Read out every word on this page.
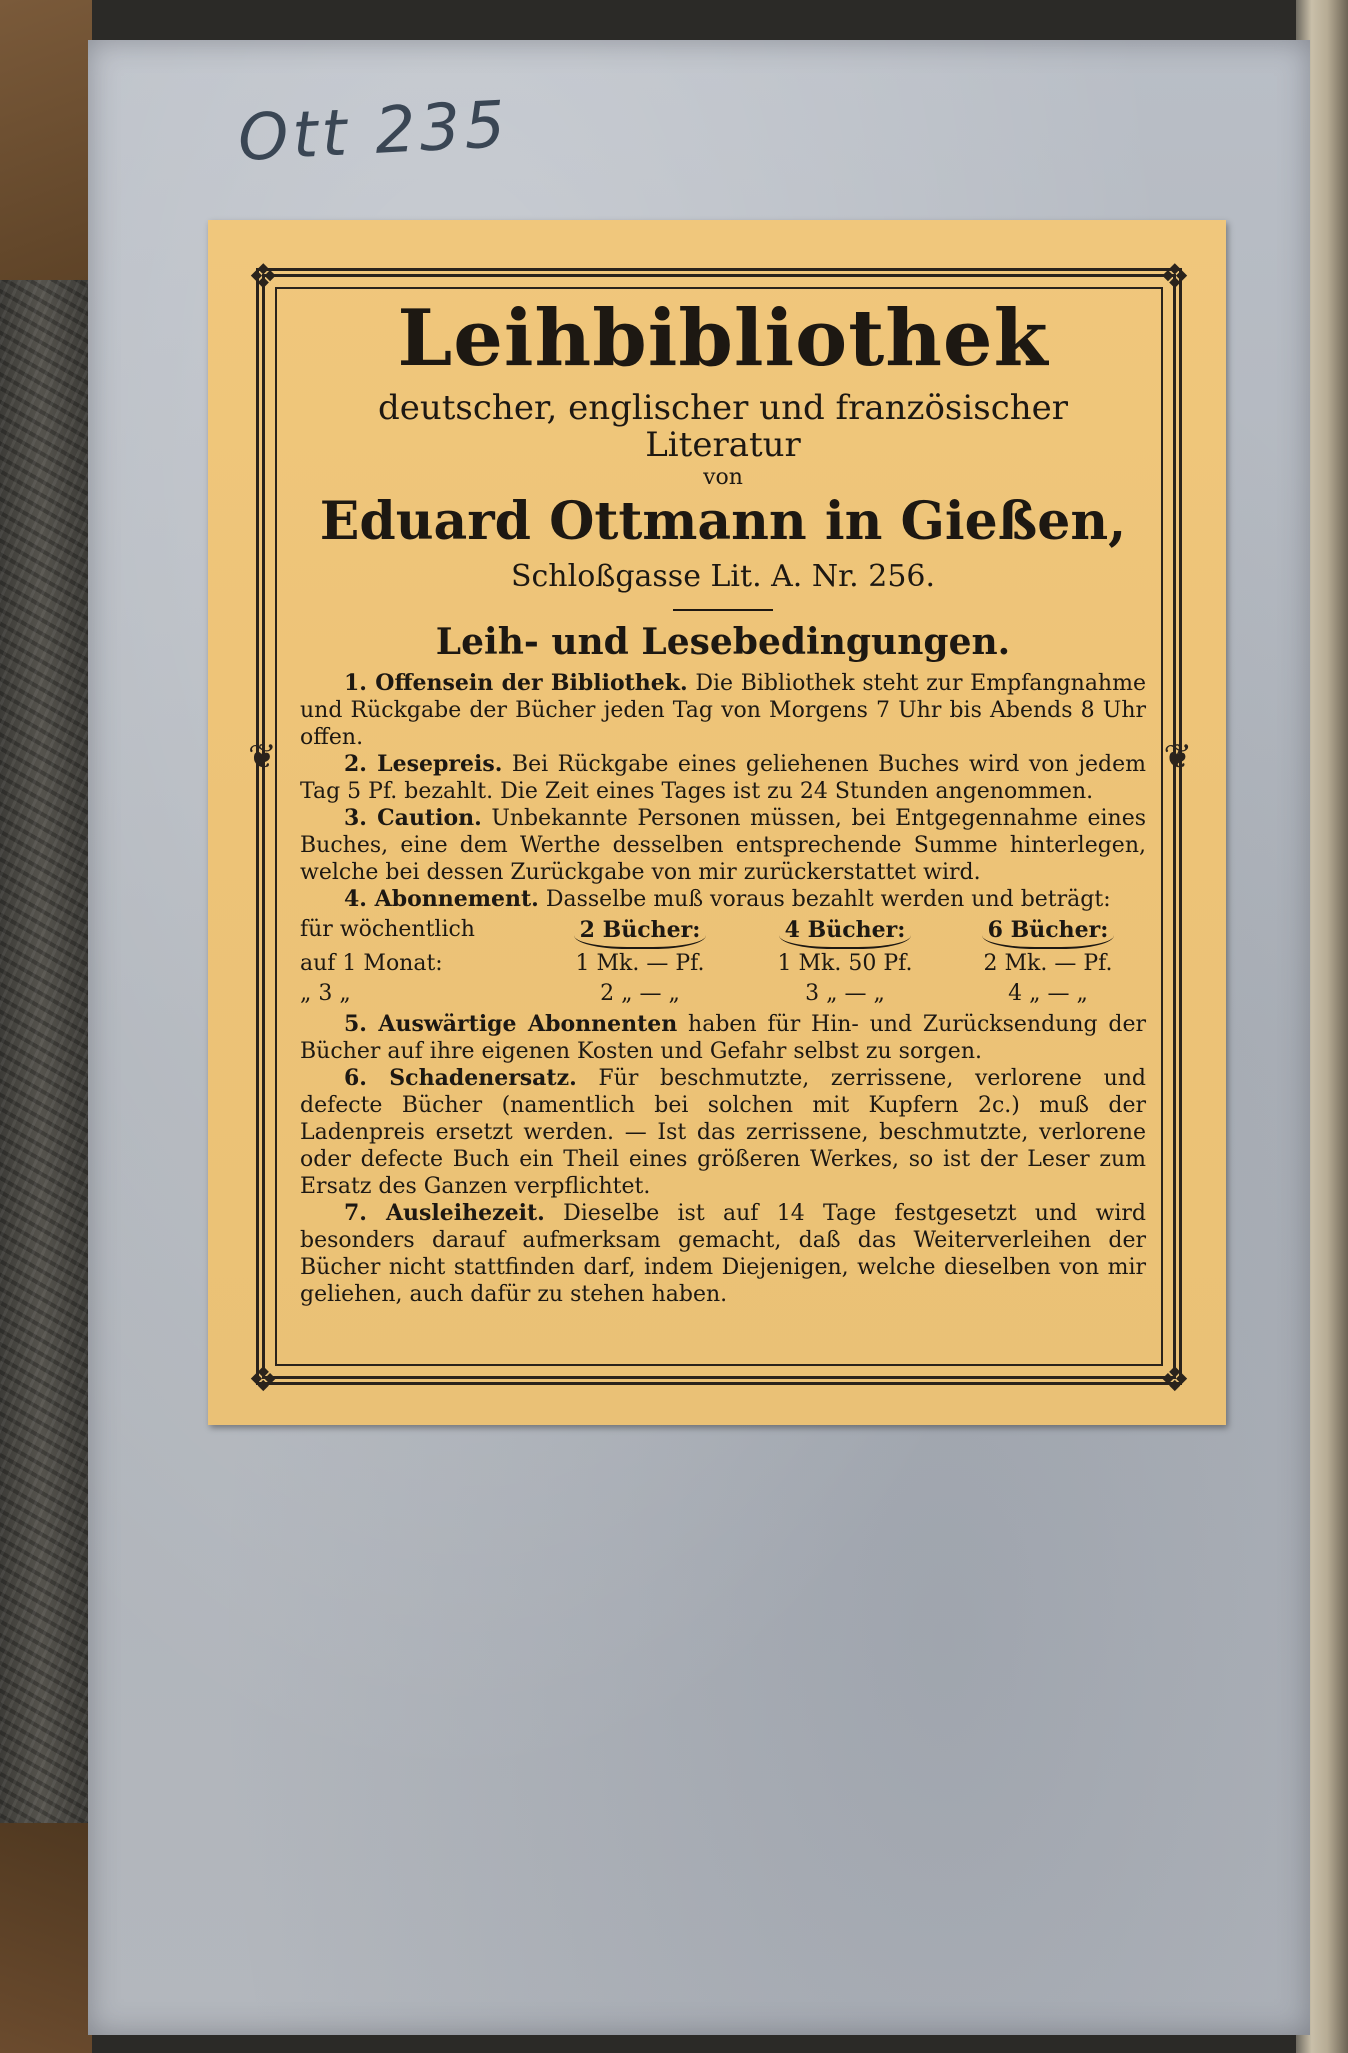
Ott 235
❖	❖
❖	❖
❦	❦
Leihbibliothek
deutscher, englischer und französischer Literatur
von
Eduard Ottmann in Gießen,
Schloßgasse Lit. A. Nr. 256.
Leih- und Lesebedingungen.

1. Offensein der Bibliothek. Die Bibliothek steht zur Empfangnahme und Rückgabe der Bücher jeden Tag von Morgens 7 Uhr bis Abends 8 Uhr offen.

2. Lesepreis. Bei Rückgabe eines geliehenen Buches wird von jedem Tag 5 Pf. bezahlt. Die Zeit eines Tages ist zu 24 Stunden angenommen.

3. Caution. Unbekannte Personen müssen, bei Entgegennahme eines Buches, eine dem Werthe desselben entsprechende Summe hinterlegen, welche bei dessen Zurückgabe von mir zurückerstattet wird.

4. Abonnement. Dasselbe muß voraus bezahlt werden und beträgt:

für wöchentlich	2 Bücher:	4 Bücher:	6 Bücher:
auf 1 Monat:	1 Mk. — Pf.	1 Mk. 50 Pf.	2 Mk. — Pf.
„ 3 „	2 „ — „	3 „ — „	4 „ — „

5. Auswärtige Abonnenten haben für Hin- und Zurücksendung der Bücher auf ihre eigenen Kosten und Gefahr selbst zu sorgen.

6. Schadenersatz. Für beschmutzte, zerrissene, verlorene und defecte Bücher (namentlich bei solchen mit Kupfern 2c.) muß der Ladenpreis ersetzt werden. — Ist das zerrissene, beschmutzte, verlorene oder defecte Buch ein Theil eines größeren Werkes, so ist der Leser zum Ersatz des Ganzen verpflichtet.

7. Ausleihezeit. Dieselbe ist auf 14 Tage festgesetzt und wird besonders darauf aufmerksam gemacht, daß das Weiterverleihen der Bücher nicht stattfinden darf, indem Diejenigen, welche dieselben von mir geliehen, auch dafür zu stehen haben.
